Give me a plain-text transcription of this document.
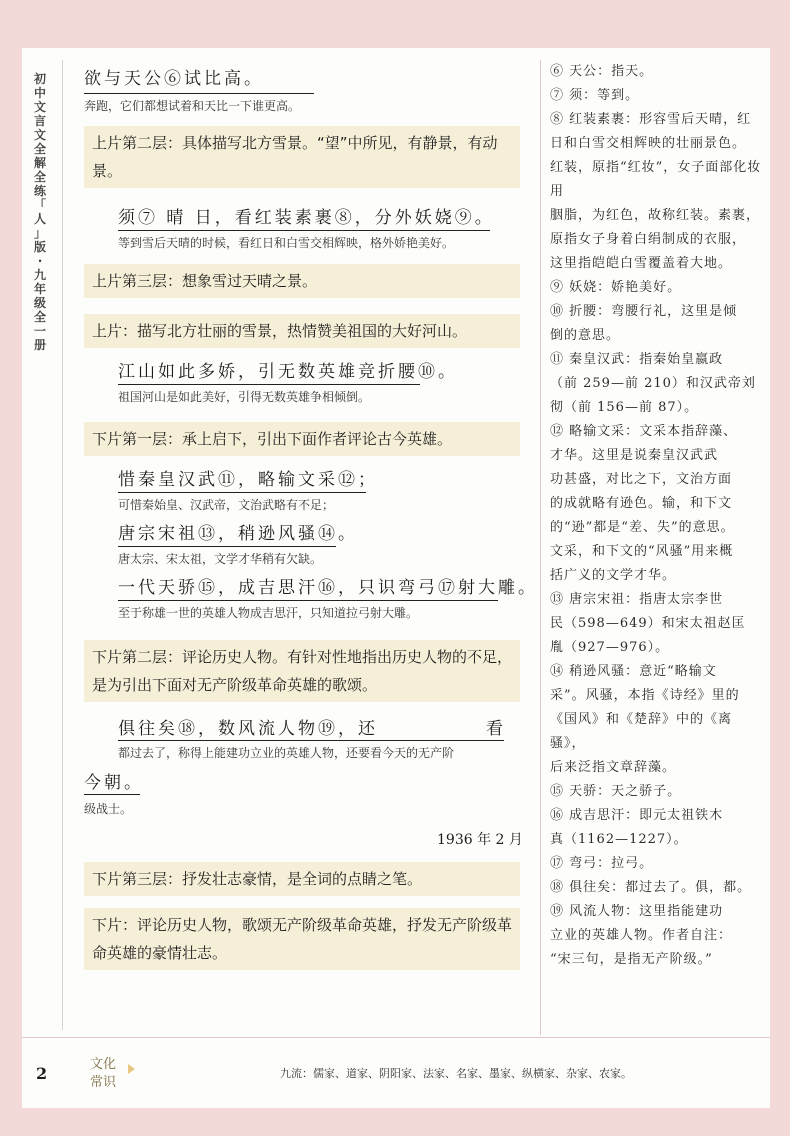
初
中
文
言
文
全
解
全
练
「
人
」
版
·
九
年
级
全
一
册
欲与天公⑥试比高。
奔跑，它们都想试着和天比一下谁更高。
上片第二层：具体描写北方雪景。“望”中所见，有静景，有动景。
须⑦ 晴 日，看红装素裹⑧，分外妖娆⑨。
等到雪后天晴的时候，看红日和白雪交相辉映，格外娇艳美好。
上片第三层：想象雪过天晴之景。
上片：描写北方壮丽的雪景，热情赞美祖国的大好河山。
江山如此多娇，引无数英雄竞折腰⑩。
祖国河山是如此美好，引得无数英雄争相倾倒。
下片第一层：承上启下，引出下面作者评论古今英雄。
惜秦皇汉武⑪，略输文采⑫；
可惜秦始皇、汉武帝，文治武略有不足；
唐宗宋祖⑬，稍逊风骚⑭。
唐太宗、宋太祖，文学才华稍有欠缺。
一代天骄⑮，成吉思汗⑯，只识弯弓⑰射大雕。
至于称雄一世的英雄人物成吉思汗，只知道拉弓射大雕。
下片第二层：评论历史人物。有针对性地指出历史人物的不足，是为引出下面对无产阶级革命英雄的歌颂。
俱往矣⑱，数风流人物⑲，还	看
都过去了，称得上能建功立业的英雄人物，还要看今天的无产阶
今朝。
级战士。
1936 年 2 月
下片第三层：抒发壮志豪情，是全词的点睛之笔。
下片：评论历史人物，歌颂无产阶级革命英雄，抒发无产阶级革命英雄的豪情壮志。
⑥ 天公：指天。
⑦ 须：等到。
⑧ 红装素裹：形容雪后天晴，红
日和白雪交相辉映的壮丽景色。
红装，原指“红妆”，女子面部化妆用
胭脂，为红色，故称红装。素裹，
原指女子身着白绢制成的衣服，
这里指皑皑白雪覆盖着大地。
⑨ 妖娆：娇艳美好。
⑩ 折腰：弯腰行礼，这里是倾
倒的意思。
⑪ 秦皇汉武：指秦始皇嬴政
（前 259—前 210）和汉武帝刘
彻（前 156—前 87）。
⑫ 略输文采：文采本指辞藻、
才华。这里是说秦皇汉武武
功甚盛，对比之下，文治方面
的成就略有逊色。输，和下文
的“逊”都是“差、失”的意思。
文采，和下文的“风骚”用来概
括广义的文学才华。
⑬ 唐宗宋祖：指唐太宗李世
民（598—649）和宋太祖赵匡
胤（927—976）。
⑭ 稍逊风骚：意近“略输文
采”。风骚，本指《诗经》里的
《国风》和《楚辞》中的《离骚》，
后来泛指文章辞藻。
⑮ 天骄：天之骄子。
⑯ 成吉思汗：即元太祖铁木
真（1162—1227）。
⑰ 弯弓：拉弓。
⑱ 俱往矣：都过去了。俱，都。
⑲ 风流人物：这里指能建功
立业的英雄人物。作者自注：
“宋三句，是指无产阶级。”
2	文化常识
九流：儒家、道家、阴阳家、法家、名家、墨家、纵横家、杂家、农家。
